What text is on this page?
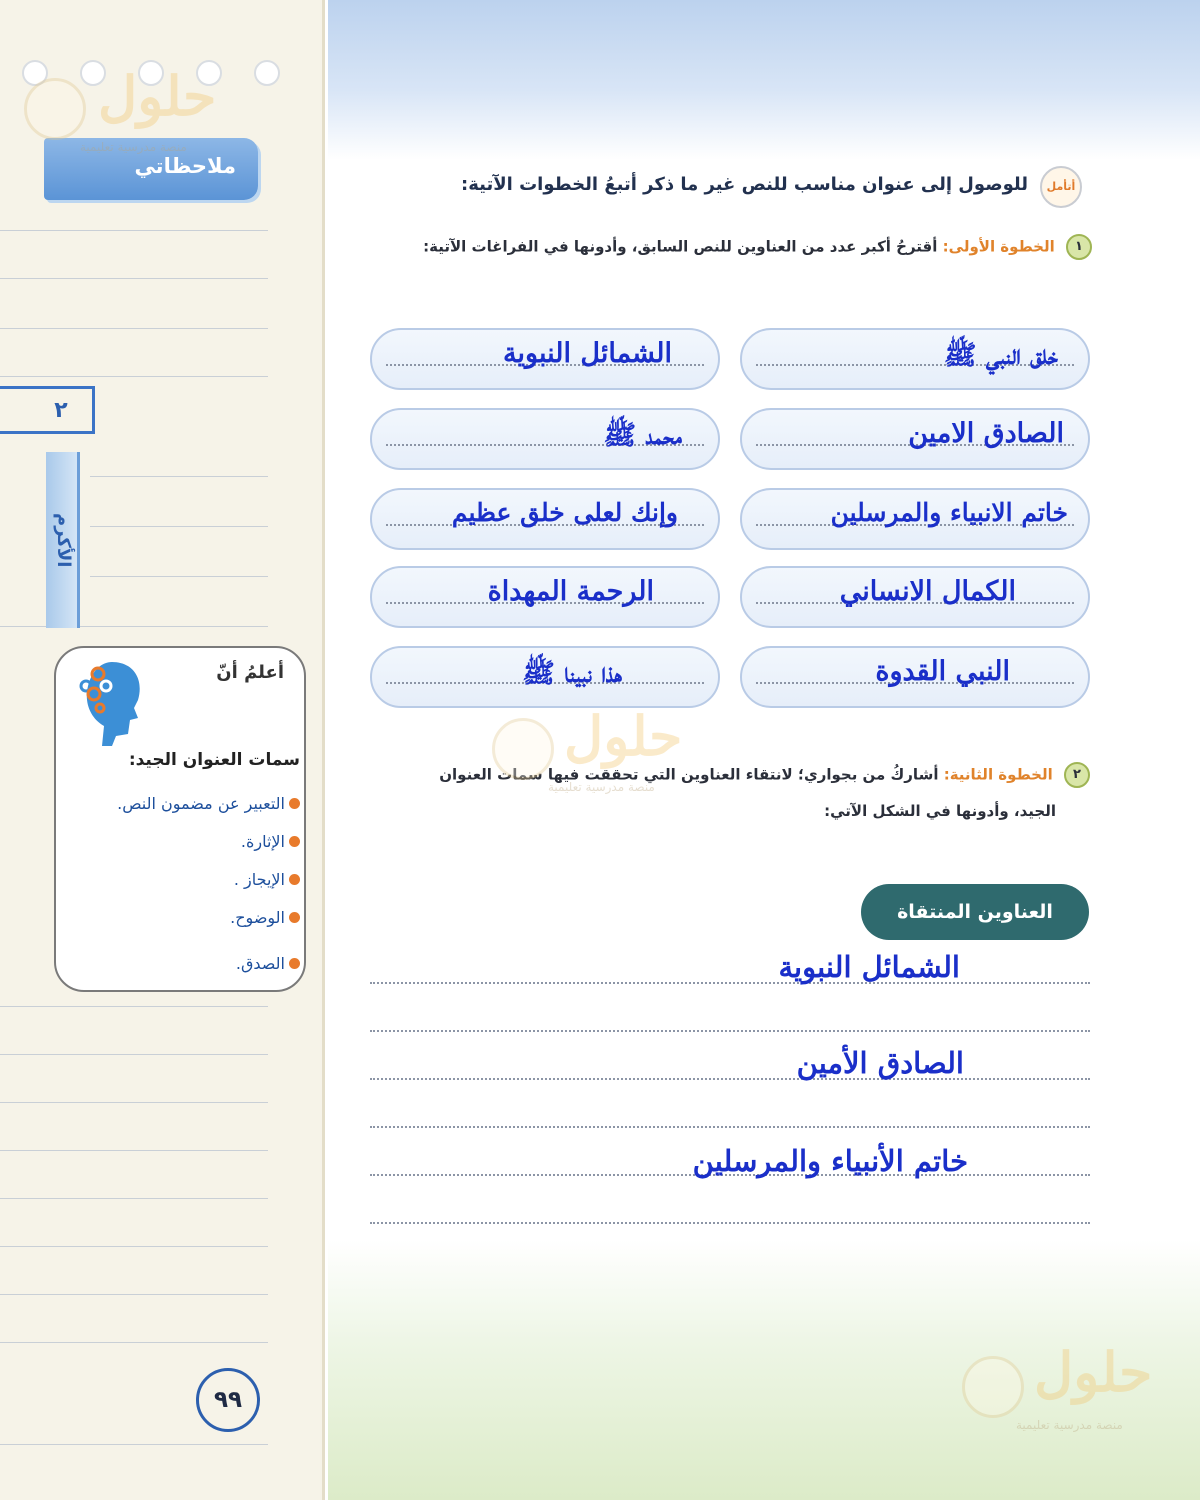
ملاحظاتي
٢
الأكرم
أعلمُ أنّ
سمات العنوان الجيد:
التعبير عن مضمون النص.
الإثارة.
الإيجاز .
الوضوح.
الصدق.
٩٩
أتأمل
للوصول إلى عنوان مناسب للنص غير ما ذكر أتبعُ الخطوات الآتية:
١ الخطوة الأولى: أقترحُ أكبر عدد من العناوين للنص السابق، وأدونها في الفراغات الآتية:
خلق النبي ﷺ
الشمائل النبوية
الصادق الامين
محمد ﷺ
خاتم الانبياء والمرسلين
وإنك لعلى خلق عظيم
الكمال الانساني
الرحمة المهداة
النبي القدوة
هذا نبينا ﷺ
٢ الخطوة الثانية: أشاركُ من بجواري؛ لانتقاء العناوين التي تحققت فيها سمات العنوان
الجيد، وأدونها في الشكل الآتي:
العناوين المنتقاة
الشمائل النبوية
الصادق الأمين
خاتم الأنبياء والمرسلين
حلول
منصة مدرسية تعليمية
حلول
منصة مدرسية تعليمية
حلول
منصة مدرسية تعليمية
